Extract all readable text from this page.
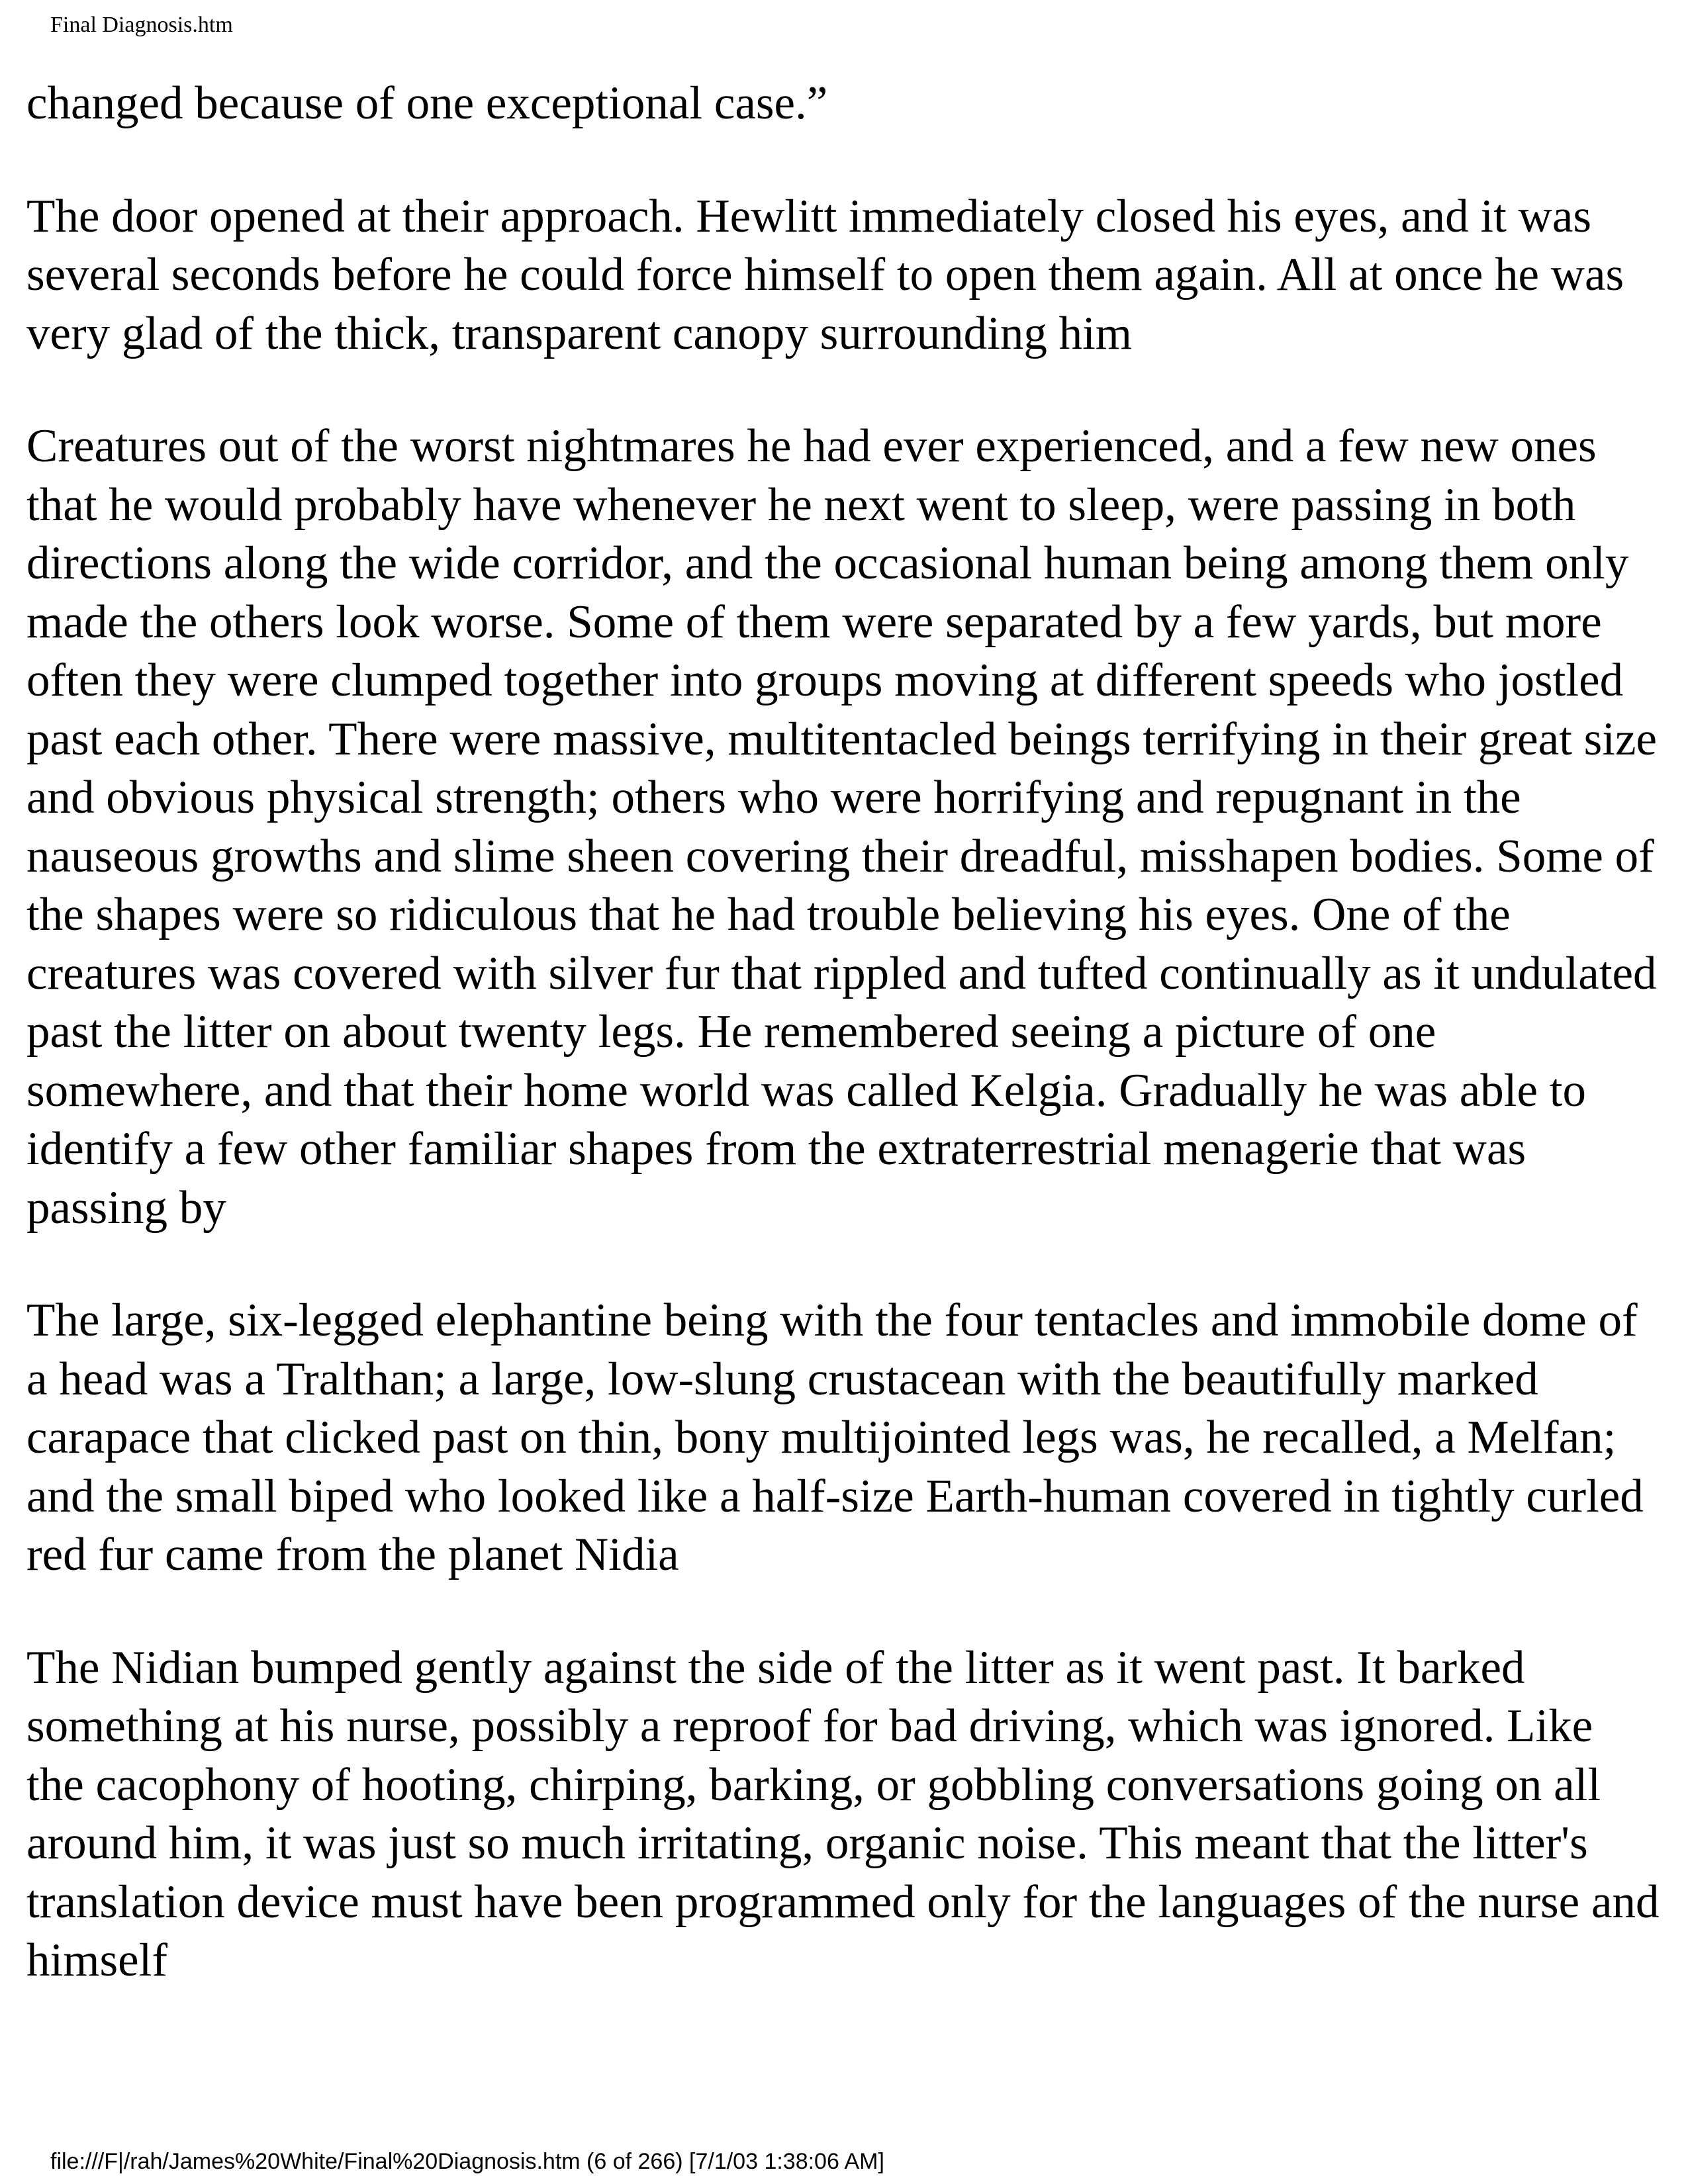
Final Diagnosis.htm

changed because of one exceptional case.”

The door opened at their approach. Hewlitt immediately closed his eyes, and it was several seconds before he could force himself to open them again. All at once he was very glad of the thick, transparent canopy surrounding him

Creatures out of the worst nightmares he had ever experienced, and a few new ones that he would probably have whenever he next went to sleep, were passing in both directions along the wide corridor, and the occasional human being among them only made the others look worse. Some of them were separated by a few yards, but more often they were clumped together into groups moving at different speeds who jostled past each other. There were massive, multitentacled beings terrifying in their great size and obvious physical strength; others who were horrifying and repugnant in the nauseous growths and slime sheen covering their dreadful, misshapen bodies. Some of the shapes were so ridiculous that he had trouble believing his eyes. One of the creatures was covered with silver fur that rippled and tufted continually as it undulated past the litter on about twenty legs. He remembered seeing a picture of one somewhere, and that their home world was called Kelgia. Gradually he was able to identify a few other familiar shapes from the extraterrestrial menagerie that was passing by

The large, six-legged elephantine being with the four tentacles and immobile dome of a head was a Tralthan; a large, low-slung crustacean with the beautifully marked carapace that clicked past on thin, bony multijointed legs was, he recalled, a Melfan; and the small biped who looked like a half-size Earth-human covered in tightly curled red fur came from the planet Nidia

The Nidian bumped gently against the side of the litter as it went past. It barked something at his nurse, possibly a reproof for bad driving, which was ignored. Like the cacophony of hooting, chirping, barking, or gobbling conversations going on all around him, it was just so much irritating, organic noise. This meant that the litter's translation device must have been programmed only for the languages of the nurse and himself

file:///F|/rah/James%20White/Final%20Diagnosis.htm (6 of 266) [7/1/03 1:38:06 AM]
